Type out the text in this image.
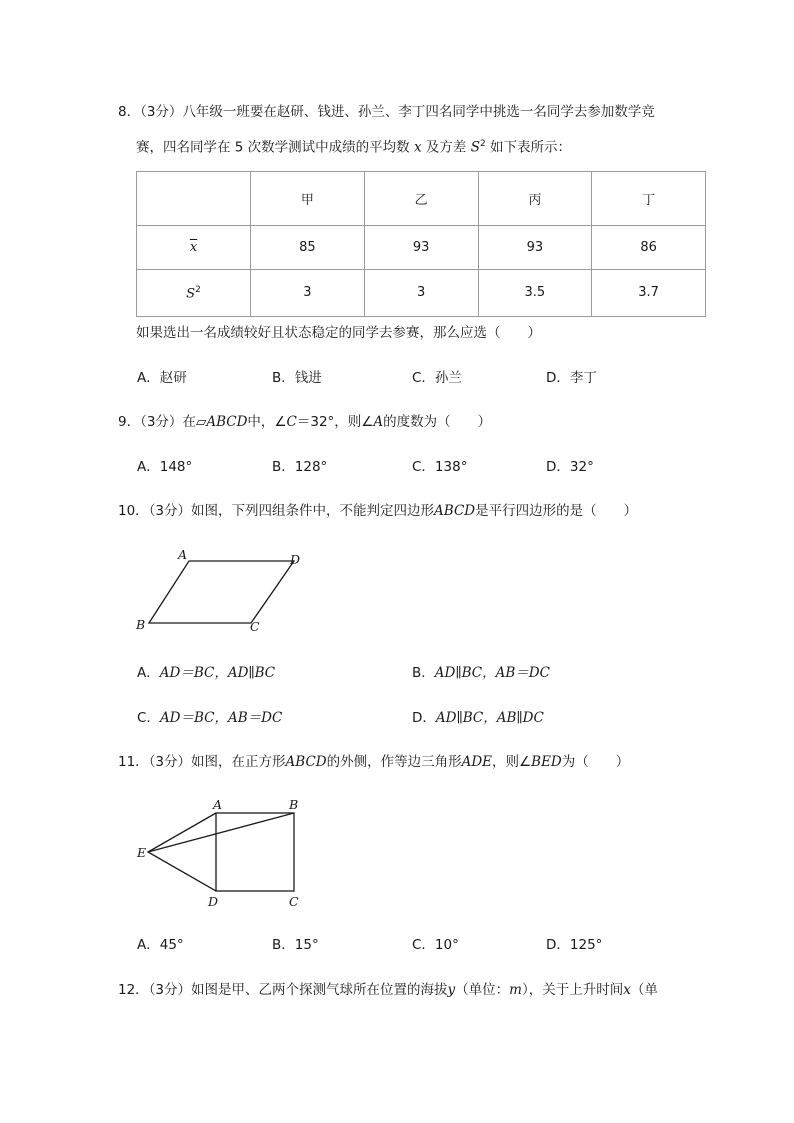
8．（3分）八年级一班要在赵研、钱进、孙兰、李丁四名同学中挑选一名同学去参加数学竞
赛，四名同学在 5 次数学测试中成绩的平均数 x 及方差 $S^2$ 如下表所示：
	甲	乙	丙	丁
$\overline{x}$	85	93	93	86
$S^2$	3	3	3.5	3.7
如果选出一名成绩较好且状态稳定的同学去参赛，那么应选（　　）
A．赵研	B．钱进	C．孙兰	D．李丁
9．（3分）在▱ABCD中，∠C＝32°，则∠A的度数为（　　）
A．148°	B．128°	C．138°	D．32°
10．（3分）如图，下列四组条件中，不能判定四边形ABCD是平行四边形的是（　　）
A	D
B	C
A．AD＝BC，AD∥BC	B．AD∥BC，AB＝DC
C．AD＝BC，AB＝DC	D．AD∥BC，AB∥DC
11．（3分）如图，在正方形ABCD的外侧，作等边三角形ADE，则∠BED为（　　）
A	B
E
D	C
A．45°	B．15°	C．10°	D．125°
12．（3分）如图是甲、乙两个探测气球所在位置的海拔y（单位：m），关于上升时间x（单
